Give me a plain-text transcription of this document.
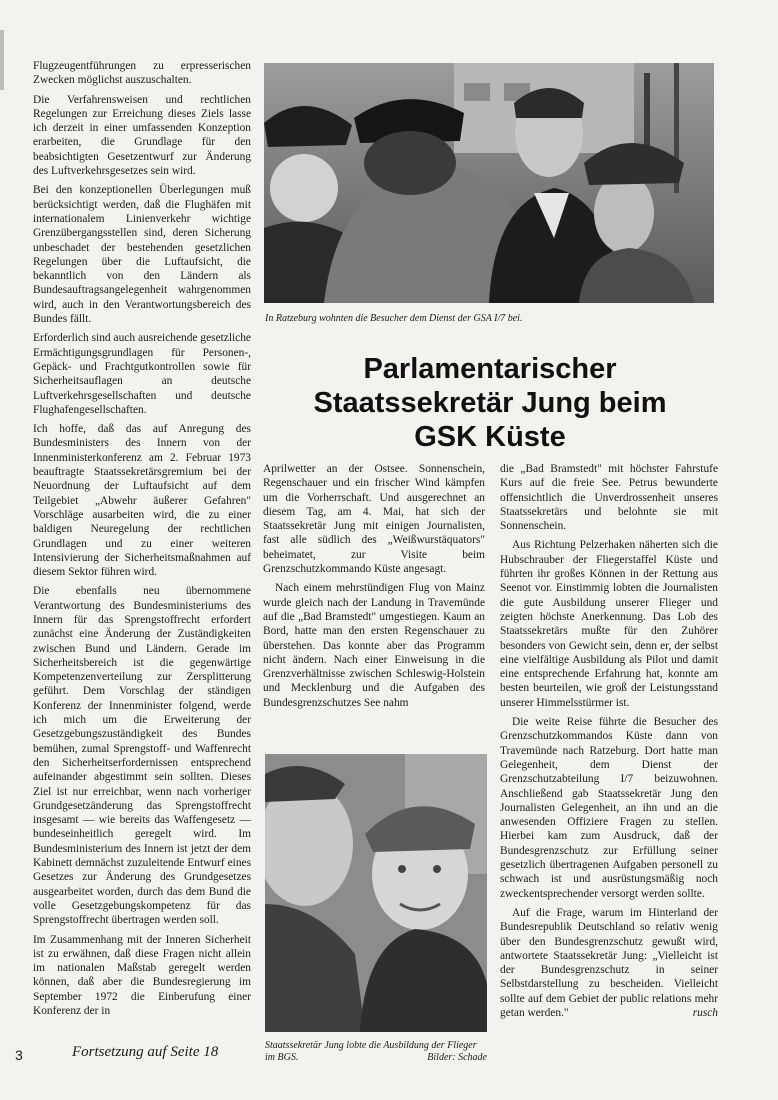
Flugzeugentführungen zu erpresserischen Zwecken möglichst auszuschalten.

Die Verfahrensweisen und rechtlichen Regelungen zur Erreichung dieses Ziels lasse ich derzeit in einer umfassenden Konzeption erarbeiten, die Grundlage für den beabsichtigten Gesetzentwurf zur Änderung des Luftverkehrsgesetzes sein wird.

Bei den konzeptionellen Überlegungen muß berücksichtigt werden, daß die Flughäfen mit internationalem Linienverkehr wichtige Grenzübergangsstellen sind, deren Sicherung unbeschadet der bestehenden gesetzlichen Regelungen über die Luftaufsicht, die bekanntlich von den Ländern als Bundesauftragsangelegenheit wahrgenommen wird, auch in den Verantwortungsbereich des Bundes fällt.

Erforderlich sind auch ausreichende gesetzliche Ermächtigungsgrundlagen für Personen-, Gepäck- und Frachtgutkontrollen sowie für Sicherheitsauflagen an deutsche Luftverkehrsgesellschaften und deutsche Flughafengesellschaften.

Ich hoffe, daß das auf Anregung des Bundesministers des Innern von der Innenministerkonferenz am 2. Februar 1973 beauftragte Staatssekretärsgremium bei der Neuordnung der Luftaufsicht auf dem Teilgebiet „Abwehr äußerer Gefahren" Vorschläge ausarbeiten wird, die zu einer baldigen Neuregelung der rechtlichen Grundlagen und zu einer weiteren Intensivierung der Sicherheitsmaßnahmen auf diesem Sektor führen wird.

Die ebenfalls neu übernommene Verantwortung des Bundesministeriums des Innern für das Sprengstoffrecht erfordert zunächst eine Änderung der Zuständigkeiten zwischen Bund und Ländern. Gerade im Sicherheitsbereich ist die gegenwärtige Kompetenzenverteilung zur Zersplitterung geführt. Dem Vorschlag der ständigen Konferenz der Innenminister folgend, werde ich mich um die Erweiterung der Gesetzgebungszuständigkeit des Bundes bemühen, zumal Sprengstoff- und Waffenrecht den Sicherheitserfordernissen entsprechend aufeinander abgestimmt sein sollten. Dieses Ziel ist nur erreichbar, wenn nach vorheriger Grundgesetzänderung das Sprengstoffrecht insgesamt — wie bereits das Waffengesetz — bundeseinheitlich geregelt wird. Im Bundesministerium des Innern ist jetzt der dem Kabinett demnächst zuzuleitende Entwurf eines Gesetzes zur Änderung des Grundgesetzes ausgearbeitet worden, durch das dem Bund die volle Gesetzgebungskompetenz für das Sprengstoffrecht übertragen werden soll.

Im Zusammenhang mit der Inneren Sicherheit ist zu erwähnen, daß diese Fragen nicht allein im nationalen Maßstab geregelt werden können, daß aber die Bundesregierung im September 1972 die Einberufung einer Konferenz der in

In Ratzeburg wohnten die Besucher dem Dienst der GSA I/7 bei.
Parlamentarischer
Staatssekretär Jung beim
GSK Küste

Aprilwetter an der Ostsee. Sonnenschein, Regenschauer und ein frischer Wind kämpfen um die Vorherrschaft. Und ausgerechnet an diesem Tag, am 4. Mai, hat sich der Staatssekretär Jung mit einigen Journalisten, fast alle südlich des „Weißwurstäquators" beheimatet, zur Visite beim Grenzschutzkommando Küste angesagt.

Nach einem mehrstündigen Flug von Mainz wurde gleich nach der Landung in Travemünde auf die „Bad Bramstedt" umgestiegen. Kaum an Bord, hatte man den ersten Regenschauer zu überstehen. Das konnte aber das Programm nicht ändern. Nach einer Einweisung in die Grenzverhältnisse zwischen Schleswig-Holstein und Mecklenburg und die Aufgaben des Bundesgrenzschutzes See nahm

Staatssekretär Jung lobte die Ausbildung der Flieger im BGS.	Bilder: Schade

die „Bad Bramstedt" mit höchster Fahrstufe Kurs auf die freie See. Petrus bewunderte offensichtlich die Unverdrossenheit unseres Staatssekretärs und belohnte sie mit Sonnenschein.

Aus Richtung Pelzerhaken näherten sich die Hubschrauber der Fliegerstaffel Küste und führten ihr großes Können in der Rettung aus Seenot vor. Einstimmig lobten die Journalisten die gute Ausbildung unserer Flieger und zeigten höchste Anerkennung. Das Lob des Staatssekretärs mußte für den Zuhörer besonders von Gewicht sein, denn er, der selbst eine vielfältige Ausbildung als Pilot und damit eine entsprechende Erfahrung hat, konnte am besten beurteilen, wie groß der Leistungsstand unserer Himmelsstürmer ist.

Die weite Reise führte die Besucher des Grenzschutzkommandos Küste dann von Travemünde nach Ratzeburg. Dort hatte man Gelegenheit, dem Dienst der Grenzschutzabteilung I/7 beizuwohnen. Anschließend gab Staatssekretär Jung den Journalisten Gelegenheit, an ihn und an die anwesenden Offiziere Fragen zu stellen. Hierbei kam zum Ausdruck, daß der Bundesgrenzschutz zur Erfüllung seiner gesetzlich übertragenen Aufgaben personell zu schwach ist und ausrüstungsmäßig noch zweckentsprechender versorgt werden sollte.

Auf die Frage, warum im Hinterland der Bundesrepublik Deutschland so relativ wenig über den Bundesgrenzschutz gewußt wird, antwortete Staatssekretär Jung: „Vielleicht ist der Bundesgrenzschutz in seiner Selbstdarstellung zu bescheiden. Vielleicht sollte auf dem Gebiet der public relations mehr getan werden."	rusch

3	Fortsetzung auf Seite 18
